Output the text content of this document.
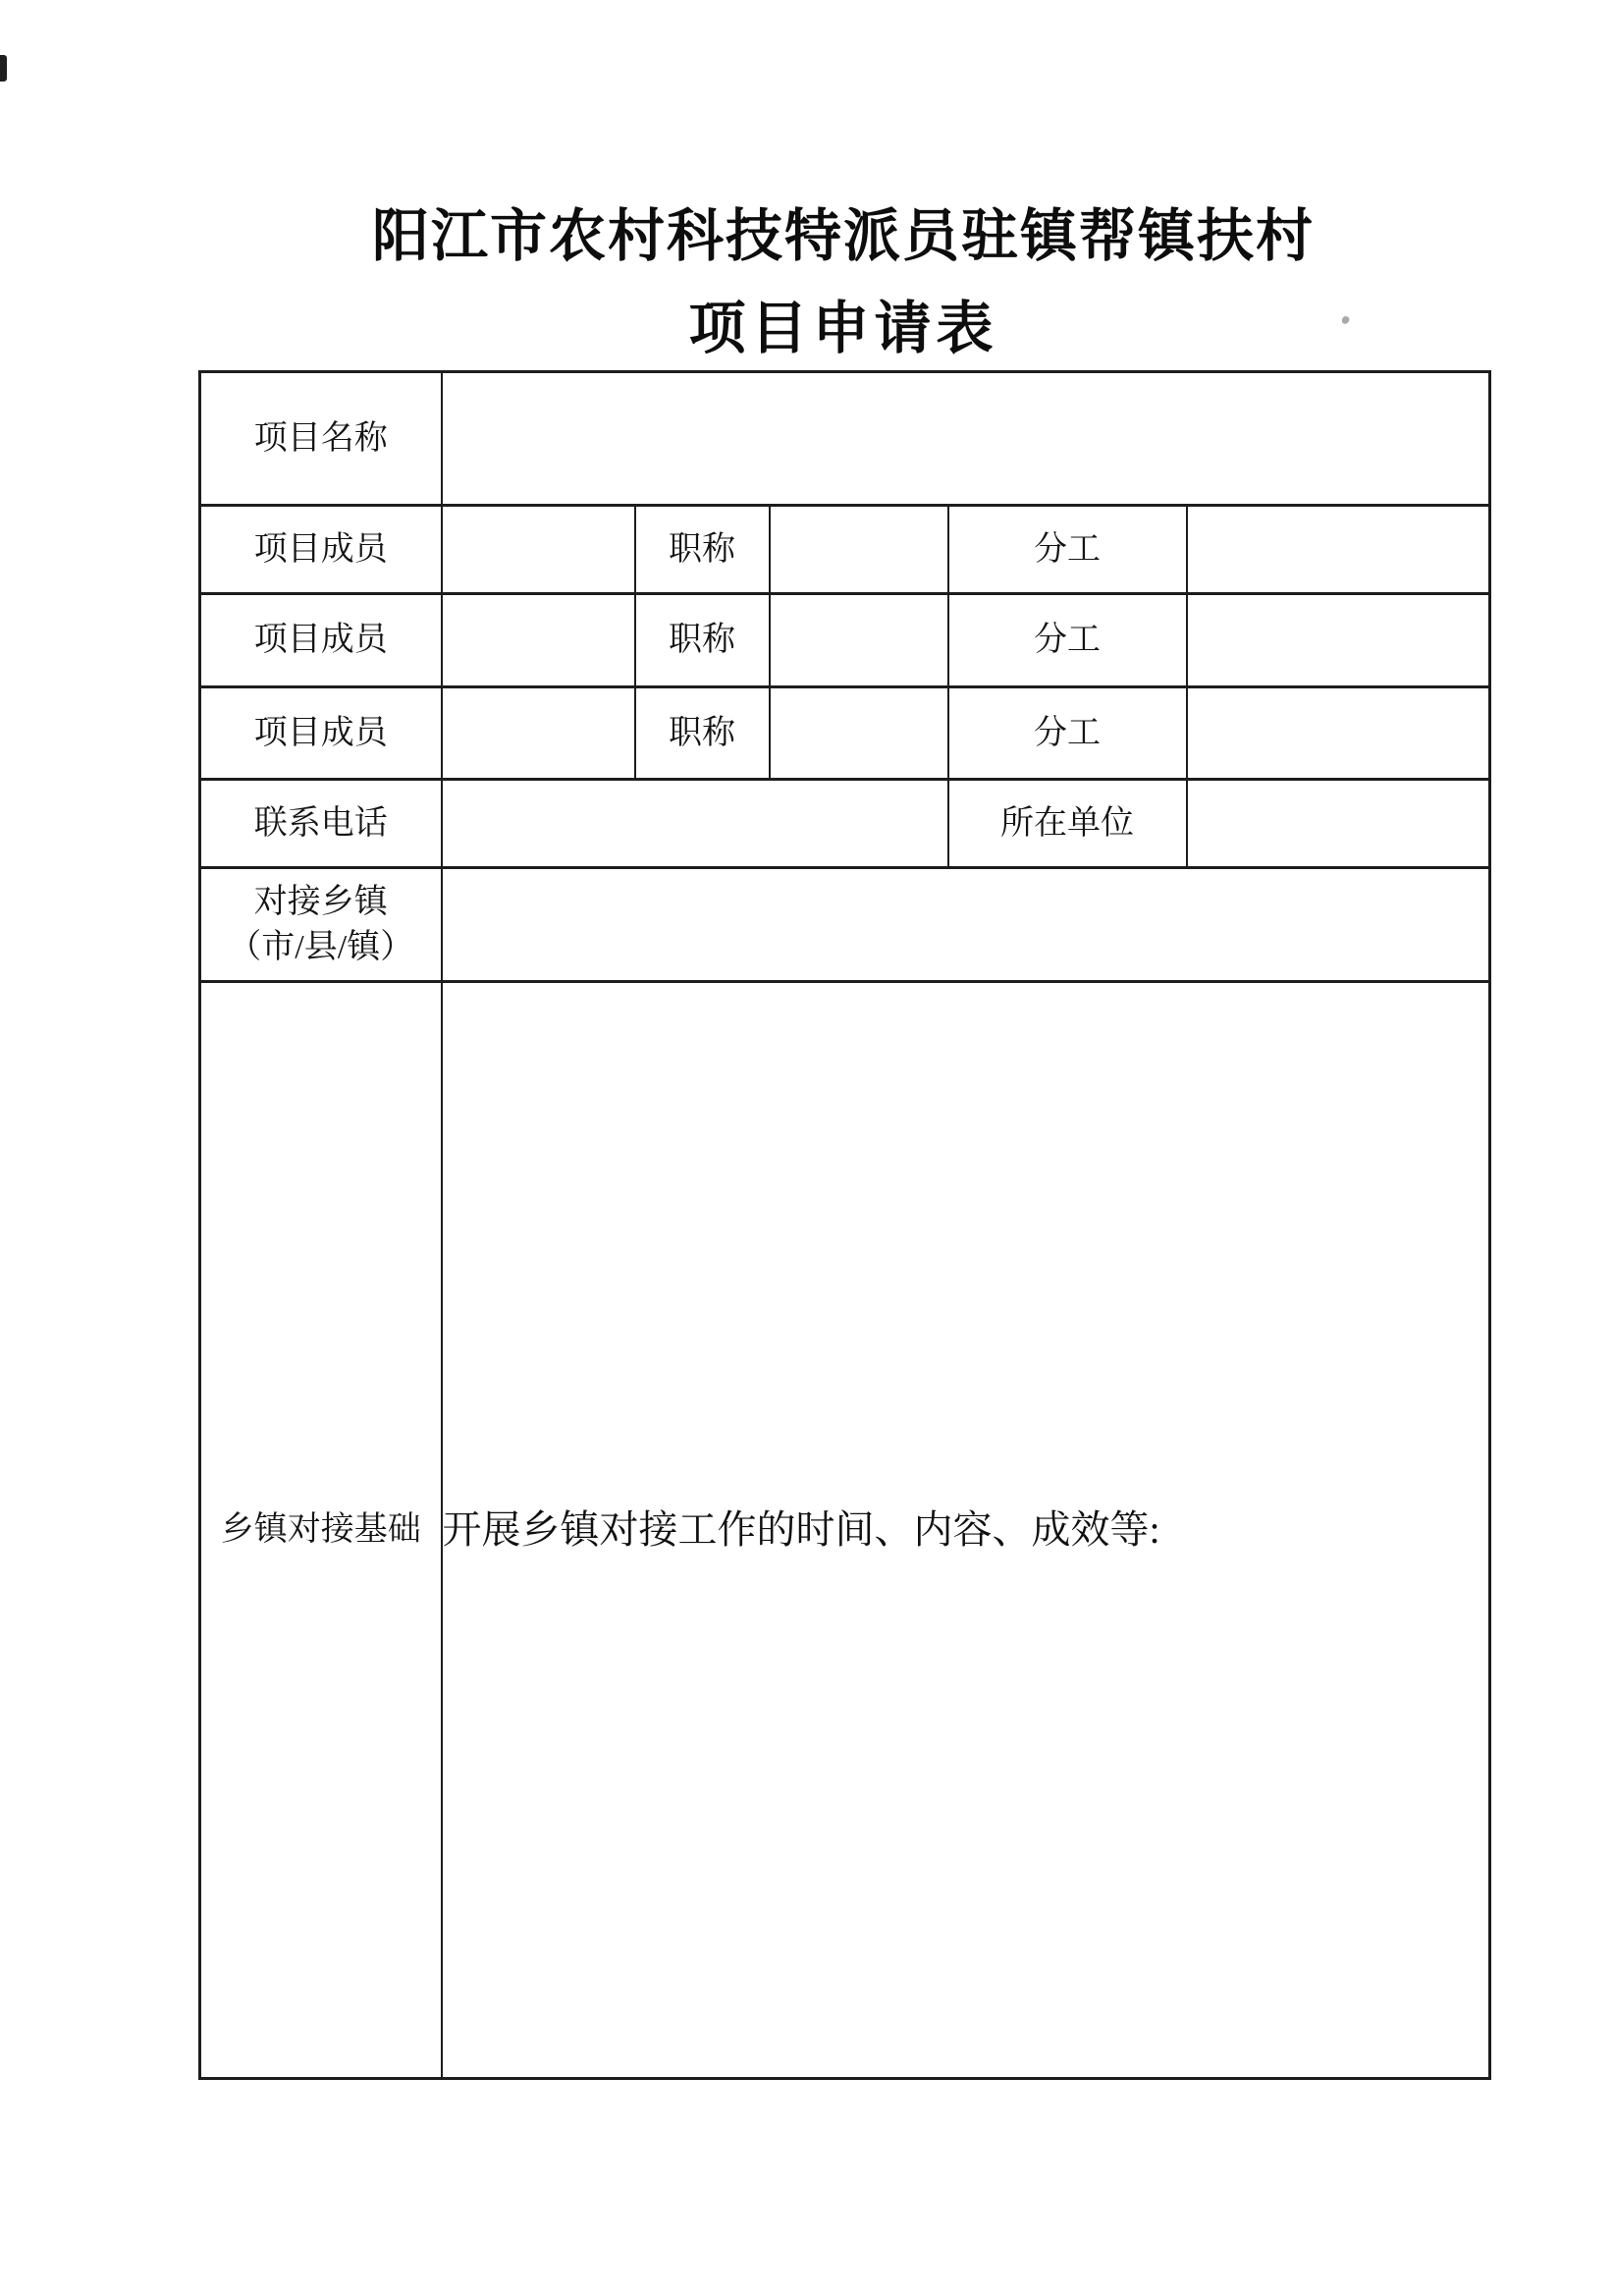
阳江市农村科技特派员驻镇帮镇扶村
项目申请表
项目名称					
项目成员		职称		分工	
项目成员		职称		分工	
项目成员		职称		分工	
联系电话				所在单位	

对接乡镇
（市/县/镇）					

乡镇对接基础	开展乡镇对接工作的时间、内容、成效等:				
